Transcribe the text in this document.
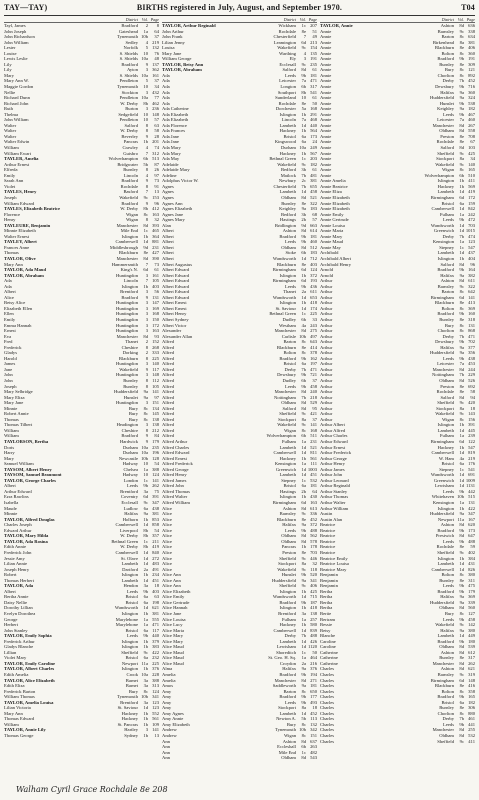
TAY—TAY)	BIRTHS registered in July, August, and September 1970.	T04
District Vol. Page
Tayl, James	Bradford	2	8
John Joseph	Gateshead	1a	64
John Richardson	Tynemouth 10b	37
John William	Sedley	4 219
Lester	Norfolk	5 132
Louise	S. Shields	10	76
Lewis Leslie	S. Shields 10a	48
Lily	Bradford	9 137
Lily	Ayton	3 362
Mary	S. Shields 10a 161
Mary Ann W.	Pendleton	5	37
Maggie Gordon	Tynemouth	10	34
Nellie	Stockton	3 432
Richard Dunn	Pendleton 10a	77
Richard John	W. Derby	8b 462
Ruth	Burton	3 236
Thelma	Sedgefield	10 148
John William	Pendleton	10	57
Walter	Salford	8	63
Walter	W. Derby	8	58
Walter	Beverley	9	28
Walter Edwin	Pancras	1b 201
William	Crawley	4	74
William Ewart	Guisbro	7 312
TAYLER, Amelia	Wolverhampton	6b 513
Arthur Ernest	Bridgwater	5b	87
Elfreda	Burnley	8	26
Emily	Lincoln	4	97
Sarah Ann	Bradford	9	73
Violet	Rochdale	8	91
TAYLES, Henry	Basford	7	13
Joseph	Wakefield	9c 153
William Edward	Bradford	9	96
TAYLES, Elizabeth Beatrice	W. Derby	8b 412
Florence	Wigan	8c 163
Henry	Wigan	8	32
TAYLEURE, Benjamin	Manchester	8d 393
Minnie Elizabeth	Mile End	1c 465
Walter Ernest	Islington	1b 364
TAYLEY, Albert	Camberwell	1d 881
Frances Anne	Middlesbrough	9d 231
Thomas	Blackburn	8e 427
TAYLOR, Olive	Manchester	8d 390
Mary Ann	Hammersmith	7	73
TAYLOR, Ada Maud	King's N.	6d	61
TAYLOR, Abraham	Huntingdon	3 161
Ada	Lincoln	7 105
Ada	Islington	1b 403
Albert	Brentford	3	56
Alice	Bradford	9 131
Betsy Alice	Huntingdon	3 147
Elizabeth Ellen	Huntingdon	3 169
Ellen	Huntingdon	3 168
Emily	Huntingdon	3 150
Emma Hannah	Huntingdon	3 172
Ernest	Huntingdon	3 163
Eva	Manchester	8d	93
Fred	Thanet	2 152
Frederick	Cheshire	8 268
Gladys	Dorking	2 333
Harold	Blackburn	8 225
James	Huntingdon	3 140
Jane	Wakefield	9 117
John	Huntingdon	3 148
John	Burnley	8 112
Joseph	Burnley	8 105
Mary Selbridge	Huddersfield	9a 141
Mary Eliza	Hunslet	9a	97
Mary Jane	Huntingdon	3 151
Minnie	Bury	8c 134
Robert Annie	Bury	8c 145
Thomas	Bury	8c 138
Thomas Tilbert	Headington	3 138
William	Cheshire	8 212
William	Bradford	9	84
TAYLORSON, Bertha	Hardwick	9 179
Doris	Durham 10a 235
Harry	Durham 10a 196
Mary	Newcastle 10b 128
Samuel William	Hadway	10	54
TAYSOM, Albert Henry	Chelsea	1a 388
TAYSOM, Samuel Beaumont	Hadway	10 124
TAYLOR, George Charles	London	1c 141
Albert	Leeds	9b 262
Arthur Edward	Brentford	3a	75
Ezra Rawlins	Coventry	6d 391
Isabella	Ecclesall	9c 347
Maude	Ludlow	6a 438
Minnie	Halifax	9a 381
TAYLOR, Alfred Douglas	Holborn	1b 853
Charles Joseph	Camberwell	1d 858
Edward Arthur	Liverpool	8b	54
TAYLOR, Mary Hilda	W. Derby	8b 357
TAYLOR, Ada Rosina	Bethnal Green	1c 211
Edith Annie	W. Derby	8b 419
Frederick John	Camberwell	1d 840
Jessie Amy	St. Olave	1d 272
Lilian Annie	Lambeth	1d 483
Joseph Henry	Dartford	2a 491
Robert	Islington	1b 234
Thomas Herbert	Lambeth	1d 451
TAYLOR, Ada	Hendon	3a	18
Albert	Leeds	9b 403
Bertha Annie	Bristol	6a	63
Daisy Nellie	Bristol	6a 198
Dorothy Lillian	Wandsworth	1d 621
Evelyn Dorothea	Islington	1b 381
George	Marylebone	1a 555
Herbert	Marylebone	1a 471
John Stanley	Bristol	6a 117
TAYLOR, Emily Sophia	Leeds	9b 440
Frederick Arthur	Islington	1b 379
Gladys Blanche	Islington	1b 383
Lillian	Sheffield	9c 422
Violet Mary	Bristol	6a 232
TAYLOR, Emily Caroline	Newport 11a 225
TAYLOR, Albert Charles	Islington	1b 376
Edith Amelia	Crook 10a 228
TAYLOR, Alice Elizabeth	Barnet	3a 388
Edith Eliza	Barnet	3a 313
Frederick Barton	Bury	8c 124
William Thomas	Tynemouth 10b 341
TAYLOR, Amelia Louisa	Brentford	3a 123
Lilian Victoria	St. Saviour	1d 123
Mary Ann	Hackney	1b 552
Thomas Edward	Hackney	1b 561
William	St. Pancras	1b 109
TAYLOR, Annie Lily	Hartley	3 141
Thomas George	Sydney	1b	13
District Vol. Page
TAYLOR, Arthur Reginald	Wickham	1c 207
John Arthur	Rochdale	8e	51
John Frank	Chesterfield	7	49
Lilian Jenny	Leamington	6d 213
Louisa	Wakefield	9c 154
Mary Jane	Warthing	4 135
William George	Ely	3 191
TAYLOR, Betsy Ann	Ecclesall	9c 235
TAYLOR, Abraham	Salford	8d	61
Ada	Leeds	9b 181
Ada	Leicester	7a 471
Ada	Longton	6b 317
Ada	Southport	8b 541
Ada	Sunderland	10	61
Ada	Rochdale	8e	50
Ada Catherine	Dorchester	5a 168
Ada Elizabeth	Islington	1b 291
Ada Elizabeth	Lincoln	7a 468
Ada Florence	Lambeth	1d 440
Ada Frances	Hackney	1b 564
Ada Jane	Bristol	6a 173
Ada Jane	Kingswood	6a	24
Ada Mary	Durham 10a 249
Ada Mary	Hackney	1b 567
Ada May	Bethnal Green	1c 203
Adelaide	Wakefield	9c 182
Adelaide Mary	Bedford	3b	61
Adeline	Matlock	7b 481
Adolphus Victor W.	Newbury	2c 381
Agnes	Chesterfield	7b 655
Agnes	Lambeth	1d 458
Agnes	Oldham	8d 521
Agnes Ann	Burnley	8e 322
Agnes Elizabeth	Keighley	9a 183
Agnes Jane	Bedford	3b	68
Agnes Mary	Hastings	2b	57
Alan	Bridlington	9d 663
Albert	Ashton	8d 614
Albert	Bradford	9b 181
Albert	Leeds	9b 460
Albert	Oldham	8d 512
Albert	Stoke	6b 183
Albert	Wandsworth	1d 712
Albert Augustus	Blackburn	8e 403
Albert Edward	Birmingham	6d 124
Albert Edward	Islington	1b 372
Albert Edward	Birmingham	6d 193
Albert Edward	Leeds	9b 436
Albert Edward	Thanet	2a 611
Albert Edward	Wandsworth	1d 653
Albert Ernest	Islington	1b 418
Albert Ernest	St. Saviour	1d 174
Albert Henry	Bethnal Green	1c 225
Albert Sydney	Dudley	6b	33
Albert Victor	Westham	4a 243
Alexander	Manchester	8d 275
Alexander Allan	Carlisle 10b 497
Alfred	Barton	8c 643
Alfred	Blackburn	8e 414
Alfred	Bolton	8c 378
Alfred	Bradford	9b 162
Alfred	Bristol	6a 197
Alfred	Derby	7b 471
Alfred	Dewsbury	9b 721
Alfred	Dudley	6b	37
Alfred	Leeds	9b 458
Alfred	Manchester	8d 240
Alfred	Nottingham	7b 218
Alfred	Oldham	8d 529
Alfred	Salford	8d	95
Alfred	Sheffield	9c 421
Alfred	Stockport	8a	37
Alfred	Wakefield	9c 141
Alfred	Wigan	8c 168
Alfred	Wolverhampton	6b 511
Alfred Arthur	Fulham	1a 231
Alfred Charles	Lambeth	1d 521
Alfred Edward	Camberwell	1d 811
Alfred Ernest	Hackney	1b 561
Alfred Frederick	Kensington	1a 111
Alfred George	Greenwich	1d 1003
Alfred Henry	Lambeth	1d 451
Alfred James	Stepney	1c 532
Alfred John	Bristol	6a 181
Alfred Thomas	Hastings	2b	64
Alfred Walter	Islington	1b 430
Alfred William	Birmingham	6d 163
Alice	Ashton	8d 613
Alice	Barnsley	9c 336
Alice	Blackburn	8e 452
Alice	Halifax	9a 372
Alice	Leeds	9b 488
Alice	Oldham	8d 562
Alice	Oldham	8d 578
Alice	Pancras	1b 178
Alice	Preston	8e 703
Alice	Sheffield	9c 446
Alice	Stockport	8a	32
Alice	Wakefield	9c 118
Alice Ann	Hunslet	9b 520
Alice Ann	Huddersfield	9a 341
Alice Ann	Sheffield	9c 406
Alice Elizabeth	Islington	1b 425
Alice Emily	Wandsworth	1d 715
Alice Gertrude	Bradford	9b 187
Alice Hannah	Islington	1b 418
Alice Jane	Brentford	3a 138
Alice Louisa	Fulham	1a 257
Alice Lucy	Hackney	1b 580
Alice Maria	Camberwell	1d 839
Alice Mary	Derby	7b 488
Alice Mary	Lambeth	1d 426
Alice Maud	Lewisham	1d 1120
Alice Maud	Shoreditch	1c	50
Alice Maud	St. Geo. H. Sq.	1a 464
Alice Maud	Croydon	2a 216
Alma	Halifax	9a 376
Amelia	Bradford	9b 194
Amelia	Manchester	8d 271
Amos	Saddleworth	9a 181
Amy	Barton	8c 650
Amy	Bradford	9b 177
Amy	Leeds	9b 493
Amy	Stockport	8a	18
Amy Agnes	Lambeth	1d 452
Amy Annie	Newton A.	5b 113
Amy Elizabeth	Bury	8c 132
Andrew	Tynemouth 10b 342
Andrew	Wigan	8c 151
Ann	Ashton	8d 637
Ann	Eccleshall	6b 263
Ann	Mile End	1c 482
Ann	Oldham	8d 543
District Vol. Page
TAYLOR, Annie	Ashton	8d 636
Annie	Barnsley	9c 338
Annie	Barton	8c 634
Annie	Birkenhead	8a 381
Annie	Blackburn	8e 406
Annie	Bolton	8c 360
Annie	Bradford	9b 191
Annie	Burnley	8e 309
Annie	Bury	8c 121
Annie	Chorlton	8c 892
Annie	Derby	7b 452
Annie	Dewsbury	9b 716
Annie	Halifax	9a 360
Annie	Huddersfield	9a 324
Annie	Hunslet	9b 538
Annie	Keighley	9a 182
Annie	Leeds	9b 467
Annie	Leicester	7a 460
Annie	Manchester	8d 267
Annie	Oldham	8d 558
Annie	Preston	8e 708
Annie	Rochdale	8e	67
Annie	Salford	8d 103
Annie	Sheffield	9c 425
Annie	Stockport	8a	34
Annie	Wakefield	9c 140
Annie	Wigan	8c 165
Annie	Wolverhampton	6b 510
Annie Amelia	Islington	1b 411
Annie Beatrice	Hackney	1b 569
Annie Eliza	Lambeth	1d 419
Annie Elizabeth	Birmingham	6d 172
Annie Elizabeth	Bristol	6a 159
Annie Elizabeth	Camberwell	1d 842
Annie Emily	Fulham	1a 242
Annie Gertrude	Leeds	9b 472
Annie Louisa	Wandsworth	1d 703
Annie Maria	Greenwich	1d 1015
Annie Mary	Derby	7b 474
Annie Maud	Kensington	1a 123
Annie May	Stepney	1c 547
Archibald	Lambeth	1d 437
Archibald Albert	Islington	1b 404
Archibald Henry	Salford	8d	96
Arnold	Bradford	9b 164
Arnold	Halifax	9a 382
Arthur	Ashton	8d 611
Arthur	Barnsley	9c 322
Arthur	Barton	8c 642
Arthur	Birmingham	6d 141
Arthur	Blackburn	8e 413
Arthur	Bolton	8c 369
Arthur	Bradford	9b 160
Arthur	Burnley	8e 318
Arthur	Bury	8c 131
Arthur	Chorlton	8c 868
Arthur	Derby	7b 471
Arthur	Dewsbury	9b 702
Arthur	Halifax	9a 377
Arthur	Huddersfield	9a 356
Arthur	Leeds	9b 438
Arthur	Leicester	7a 453
Arthur	Manchester	8d 244
Arthur	Nottingham	7b 229
Arthur	Oldham	8d 526
Arthur	Preston	8e 692
Arthur	Rochdale	8e	58
Arthur	Salford	8d	94
Arthur	Sheffield	9c 420
Arthur	Stockport	8a	18
Arthur	Wakefield	9c 143
Arthur	Wigan	8c 156
Arthur Albert	Islington	1b 391
Arthur Alfred	Lambeth	1d 445
Arthur Charles	Fulham	1a 239
Arthur Edward	Birmingham	6d 122
Arthur Ernest	Hackney	1b 547
Arthur Frederick	Camberwell	1d 819
Arthur George	W. Ham	4a 219
Arthur Henry	Bristol	6a 176
Arthur James	Stepney	1c 541
Arthur John	Wandsworth	1d 691
Arthur Leonard	Greenwich	1d 1009
Arthur Reginald	Lewisham	1d 1131
Arthur Stanley	Leeds	9b 442
Arthur Thomas	Whitehaven 10b 515
Arthur Walter	Kensington	1a 131
Arthur William	Islington	1b 422
Austin	Huddersfield	9a 347
Austin Alan	Newport 11a 167
Beatrice	Ashton	8d 620
Beatrice	Bradford	9b 173
Beatrice	Prestwich	8d 647
Beatrice	Leeds	9b 488
Beatrice	Rochdale	8e	59
Beatrice	Sheffield	9c 402
Beatrice Emily	Islington	1b 384
Beatrice Louisa	Lambeth	1d 431
Beatrice Mary	Camberwell	1d 826
Benjamin	Bolton	8c 380
Benjamin	Burnley	8e 311
Benjamin	Leeds	9b 475
Bertha	Bradford	9b 179
Bertha	Halifax	9a 369
Bertha	Huddersfield	9a 339
Bertha	Oldham	8d 560
Bertie	Bury	8c 127
Bertram	Leeds	9b 458
Bessie	Wakefield	9c 142
Betsy	Halifax	9a 380
Blanche	Lambeth	1d 449
Caroline	Bradford	9b 180
Caroline	Oldham	8d 539
Catherine	Ashton	8d 612
Catherine	Burnley	8e 317
Catherine	Manchester	8d 262
Charles	Ashton	8d 621
Charles	Barnsley	9c 319
Charles	Birmingham	6d 148
Charles	Blackburn	8e 416
Charles	Bolton	8c 358
Charles	Bradford	9b 165
Charles	Bristol	6a 182
Charles	Burnley	8e 306
Charles	Chorlton	8c 880
Charles	Derby	7b 461
Charles	Leeds	9b 441
Charles	Manchester	8d 255
Charles	Oldham	8d 532
Charles	Sheffield	9c 411
Walham Cyril Grace Rochdale 8e 208
